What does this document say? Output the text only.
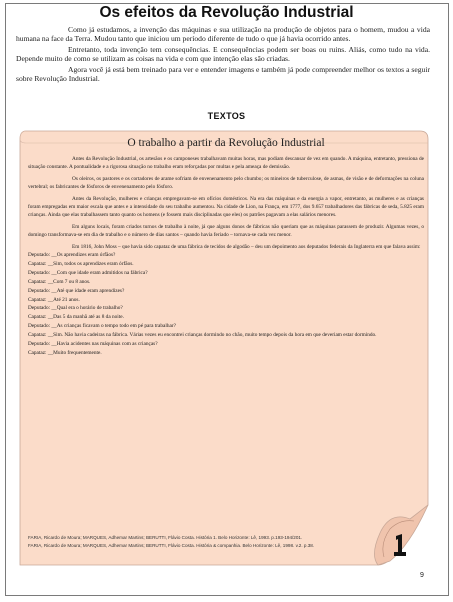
Os efeitos da Revolução Industrial

Como já estudamos, a invenção das máquinas e sua utilização na produção de objetos para o homem, mudou a vida humana na face da Terra. Mudou tanto que iniciou um período diferente de tudo o que já havia ocorrido antes.

Entretanto, toda invenção tem consequências. E consequências podem ser boas ou ruins. Aliás, como tudo na vida. Depende muito de como se utilizam as coisas na vida e com que intenção elas são criadas.

Agora você já está bem treinado para ver e entender imagens e também já pode compreender melhor os textos a seguir sobre Revolução Industrial.

TEXTOS
O trabalho a partir da Revolução Industrial

Antes da Revolução Industrial, os artesãos e os camponeses trabalhavam muitas horas, mas podiam descansar de vez em quando. A máquina, entretanto, pressiona de situação constante. A pontualidade e a rigorosa situação no trabalho eram reforçadas por multas e pela ameaça de demissão.

Os oleiros, os pastores e os cortadores de arame sofriam de envenenamento pelo chumbo; os mineiros de tuberculose, de asmas, de visão e de deformações na coluna vertebral; os fabricantes de fósforos de envenenamento pelo fósforo.

Antes da Revolução, mulheres e crianças empregavam-se em ofícios domésticos. Na era das máquinas e da energia a vapor, entretanto, as mulheres e as crianças foram empregadas em maior escala que antes e a intensidade do seu trabalho aumentou. Na cidade de Lion, na França, em 1777, dos 9.657 trabalhadores das fábricas de seda, 5.825 eram crianças. Ainda que elas trabalhassem tanto quanto os homens (e fossem mais disciplinadas que eles) os patrões pagavam a elas salários menores.

Em alguns locais, foram criados turnos de trabalho à noite, já que alguns donos de fábricas não queriam que as máquinas parassem de produzir. Algumas vezes, o domingo transformava-se em dia de trabalho e o número de dias santos – quando havia feriado – tornava-se cada vez menor.

Em 1816, John Moss – que havia sido capataz de uma fábrica de tecidos de algodão – deu um depoimento aos deputados federais da Inglaterra em que falava assim:

Deputado: __Os aprendizes eram órfãos?

Capataz: __Sim, todos os aprendizes eram órfãos.

Deputado: __Com que idade eram admitidos na fábrica?

Capataz: __Com 7 ou 8 anos.

Deputado: __Até que idade eram aprendizes?

Capataz: __Até 21 anos.

Deputado: __Qual era o horário de trabalho?

Capataz: __Das 5 da manhã até as 8 da noite.

Deputado: __As crianças ficavam o tempo todo em pé para trabalhar?

Capataz: __Sim. Não havia cadeiras na fábrica. Várias vezes eu encontrei crianças dormindo no chão, muito tempo depois da hora em que deveriam estar dormindo.

Deputado: __Havia acidentes nas máquinas com as crianças?

Capataz: __Muito frequentemente.

FARIA, Ricardo de Moura; MARQUES, Adhemar Martins; BERUTTI, Flávio Costa. História 1. Belo Horizonte: Lê, 1993. p.193-194/201.

FARIA, Ricardo de Moura; MARQUES, Adhemar Martins; BERUTTI, Flávio Costa. História & companhia. Belo Horizonte: Lê, 1998. v.2. p.38.

9
